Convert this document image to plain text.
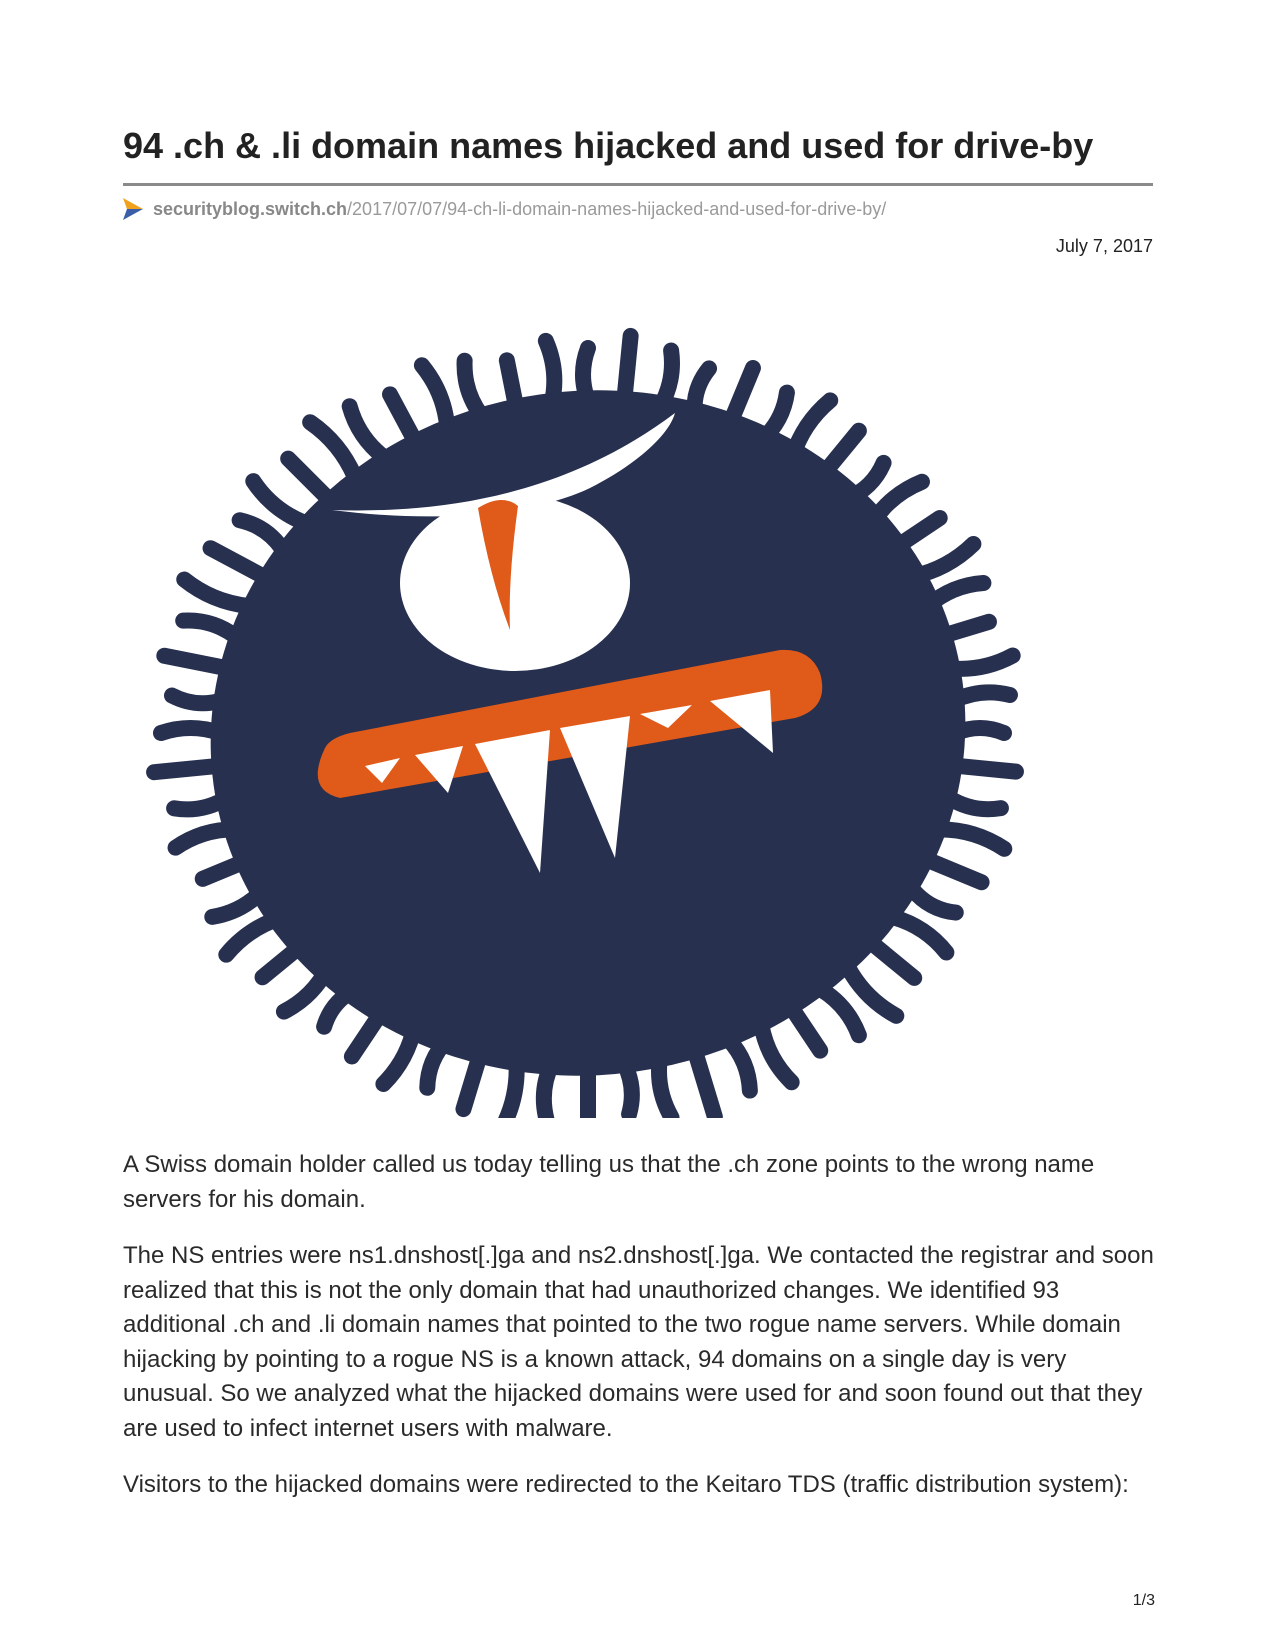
94 .ch & .li domain names hijacked and used for drive-by
securityblog.switch.ch /2017/07/07/94-ch-li-domain-names-hijacked-and-used-for-drive-by/
July 7, 2017

A Swiss domain holder called us today telling us that the .ch zone points to the wrong name servers for his domain.

The NS entries were ns1.dnshost[.]ga and ns2.dnshost[.]ga. We contacted the registrar and soon realized that this is not the only domain that had unauthorized changes. We identified 93 additional .ch and .li domain names that pointed to the two rogue name servers. While domain hijacking by pointing to a rogue NS is a known attack, 94 domains on a single day is very unusual. So we analyzed what the hijacked domains were used for and soon found out that they are used to infect internet users with malware.

Visitors to the hijacked domains were redirected to the Keitaro TDS (traffic distribution system):

1/3
